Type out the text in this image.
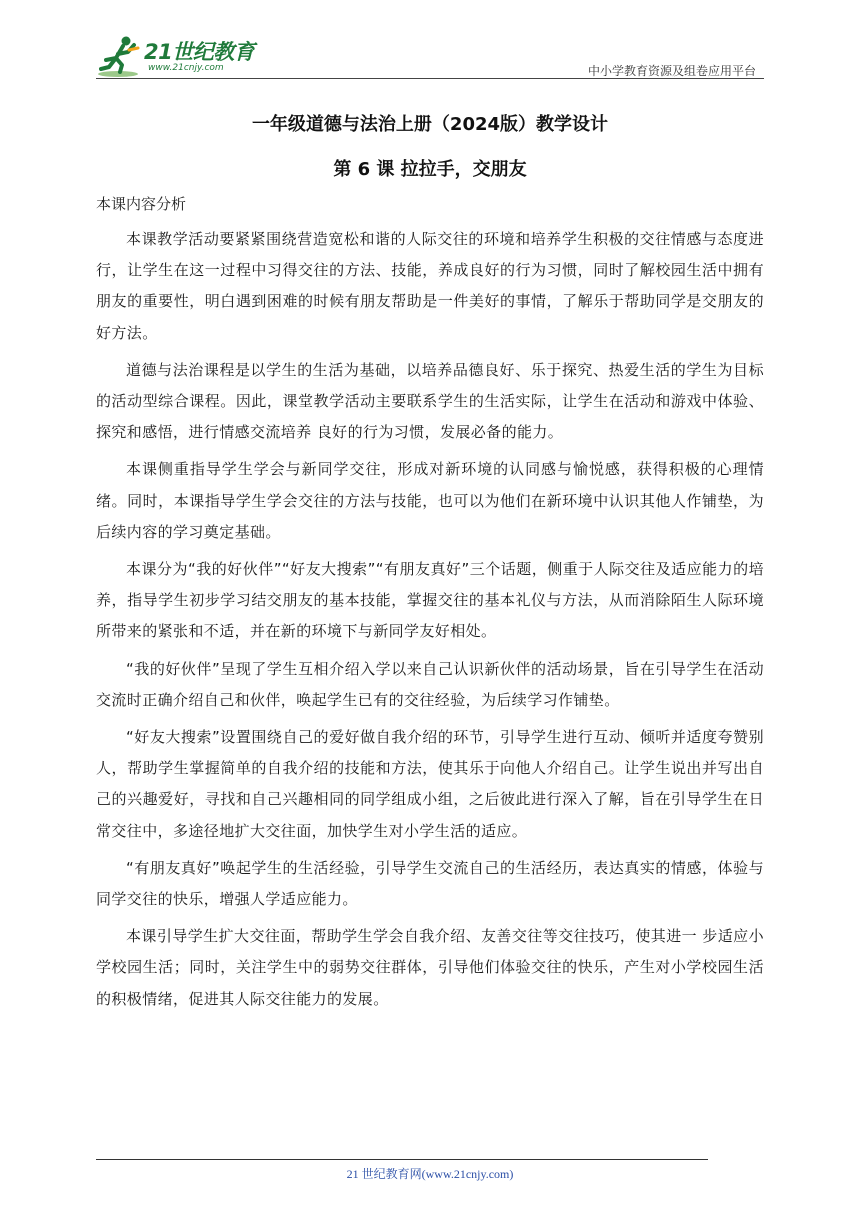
21世纪教育
www.21cnjy.com	中小学教育资源及组卷应用平台
一年级道德与法治上册（2024版）教学设计
第 6 课 拉拉手，交朋友
本课内容分析

本课教学活动要紧紧围绕营造宽松和谐的人际交往的环境和培养学生积极的交往情感与态度进行，让学生在这一过程中习得交往的方法、技能，养成良好的行为习惯，同时了解校园生活中拥有朋友的重要性，明白遇到困难的时候有朋友帮助是一件美好的事情，了解乐于帮助同学是交朋友的好方法。

道德与法治课程是以学生的生活为基础，以培养品德良好、乐于探究、热爱生活的学生为目标的活动型综合课程。因此，课堂教学活动主要联系学生的生活实际，让学生在活动和游戏中体验、探究和感悟，进行情感交流培养 良好的行为习惯，发展必备的能力。

本课侧重指导学生学会与新同学交往，形成对新环境的认同感与愉悦感，获得积极的心理情绪。同时，本课指导学生学会交往的方法与技能，也可以为他们在新环境中认识其他人作铺垫，为后续内容的学习奠定基础。

本课分为“我的好伙伴”“好友大搜索”“有朋友真好”三个话题，侧重于人际交往及适应能力的培养，指导学生初步学习结交朋友的基本技能，掌握交往的基本礼仪与方法，从而消除陌生人际环境所带来的紧张和不适，并在新的环境下与新同学友好相处。

“我的好伙伴”呈现了学生互相介绍入学以来自己认识新伙伴的活动场景，旨在引导学生在活动交流时正确介绍自己和伙伴，唤起学生已有的交往经验，为后续学习作铺垫。

“好友大搜索”设置围绕自己的爱好做自我介绍的环节，引导学生进行互动、倾听并适度夸赞别人，帮助学生掌握简单的自我介绍的技能和方法，使其乐于向他人介绍自己。让学生说出并写出自己的兴趣爱好，寻找和自己兴趣相同的同学组成小组，之后彼此进行深入了解，旨在引导学生在日常交往中，多途径地扩大交往面，加快学生对小学生活的适应。

“有朋友真好”唤起学生的生活经验，引导学生交流自己的生活经历，表达真实的情感，体验与同学交往的快乐，增强人学适应能力。

本课引导学生扩大交往面，帮助学生学会自我介绍、友善交往等交往技巧，使其进一 步适应小学校园生活；同时，关注学生中的弱势交往群体，引导他们体验交往的快乐，产生对小学校园生活的积极情绪，促进其人际交往能力的发展。

21 世纪教育网(www.21cnjy.com)
